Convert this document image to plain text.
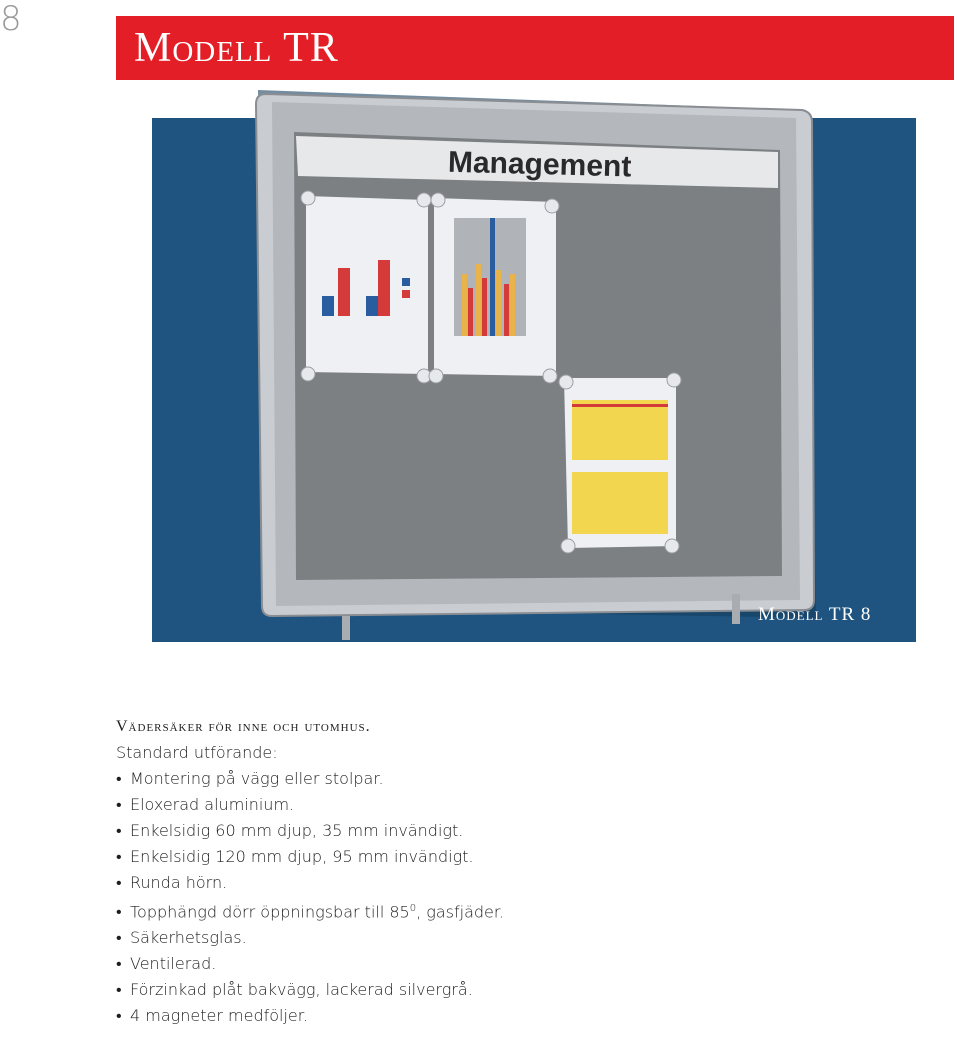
8
Modell TR
Management
Modell TR 8

Vädersäker för inne och utomhus.

Standard utförande:

• Montering på vägg eller stolpar.
• Eloxerad aluminium.
• Enkelsidig 60 mm djup, 35 mm invändigt.
• Enkelsidig 120 mm djup, 95 mm invändigt.
• Runda hörn.
• Topphängd dörr öppningsbar till $85^0$, gasfjäder.
• Säkerhetsglas.
• Ventilerad.
• Förzinkad plåt bakvägg, lackerad silvergrå.
• 4 magneter medföljer.
